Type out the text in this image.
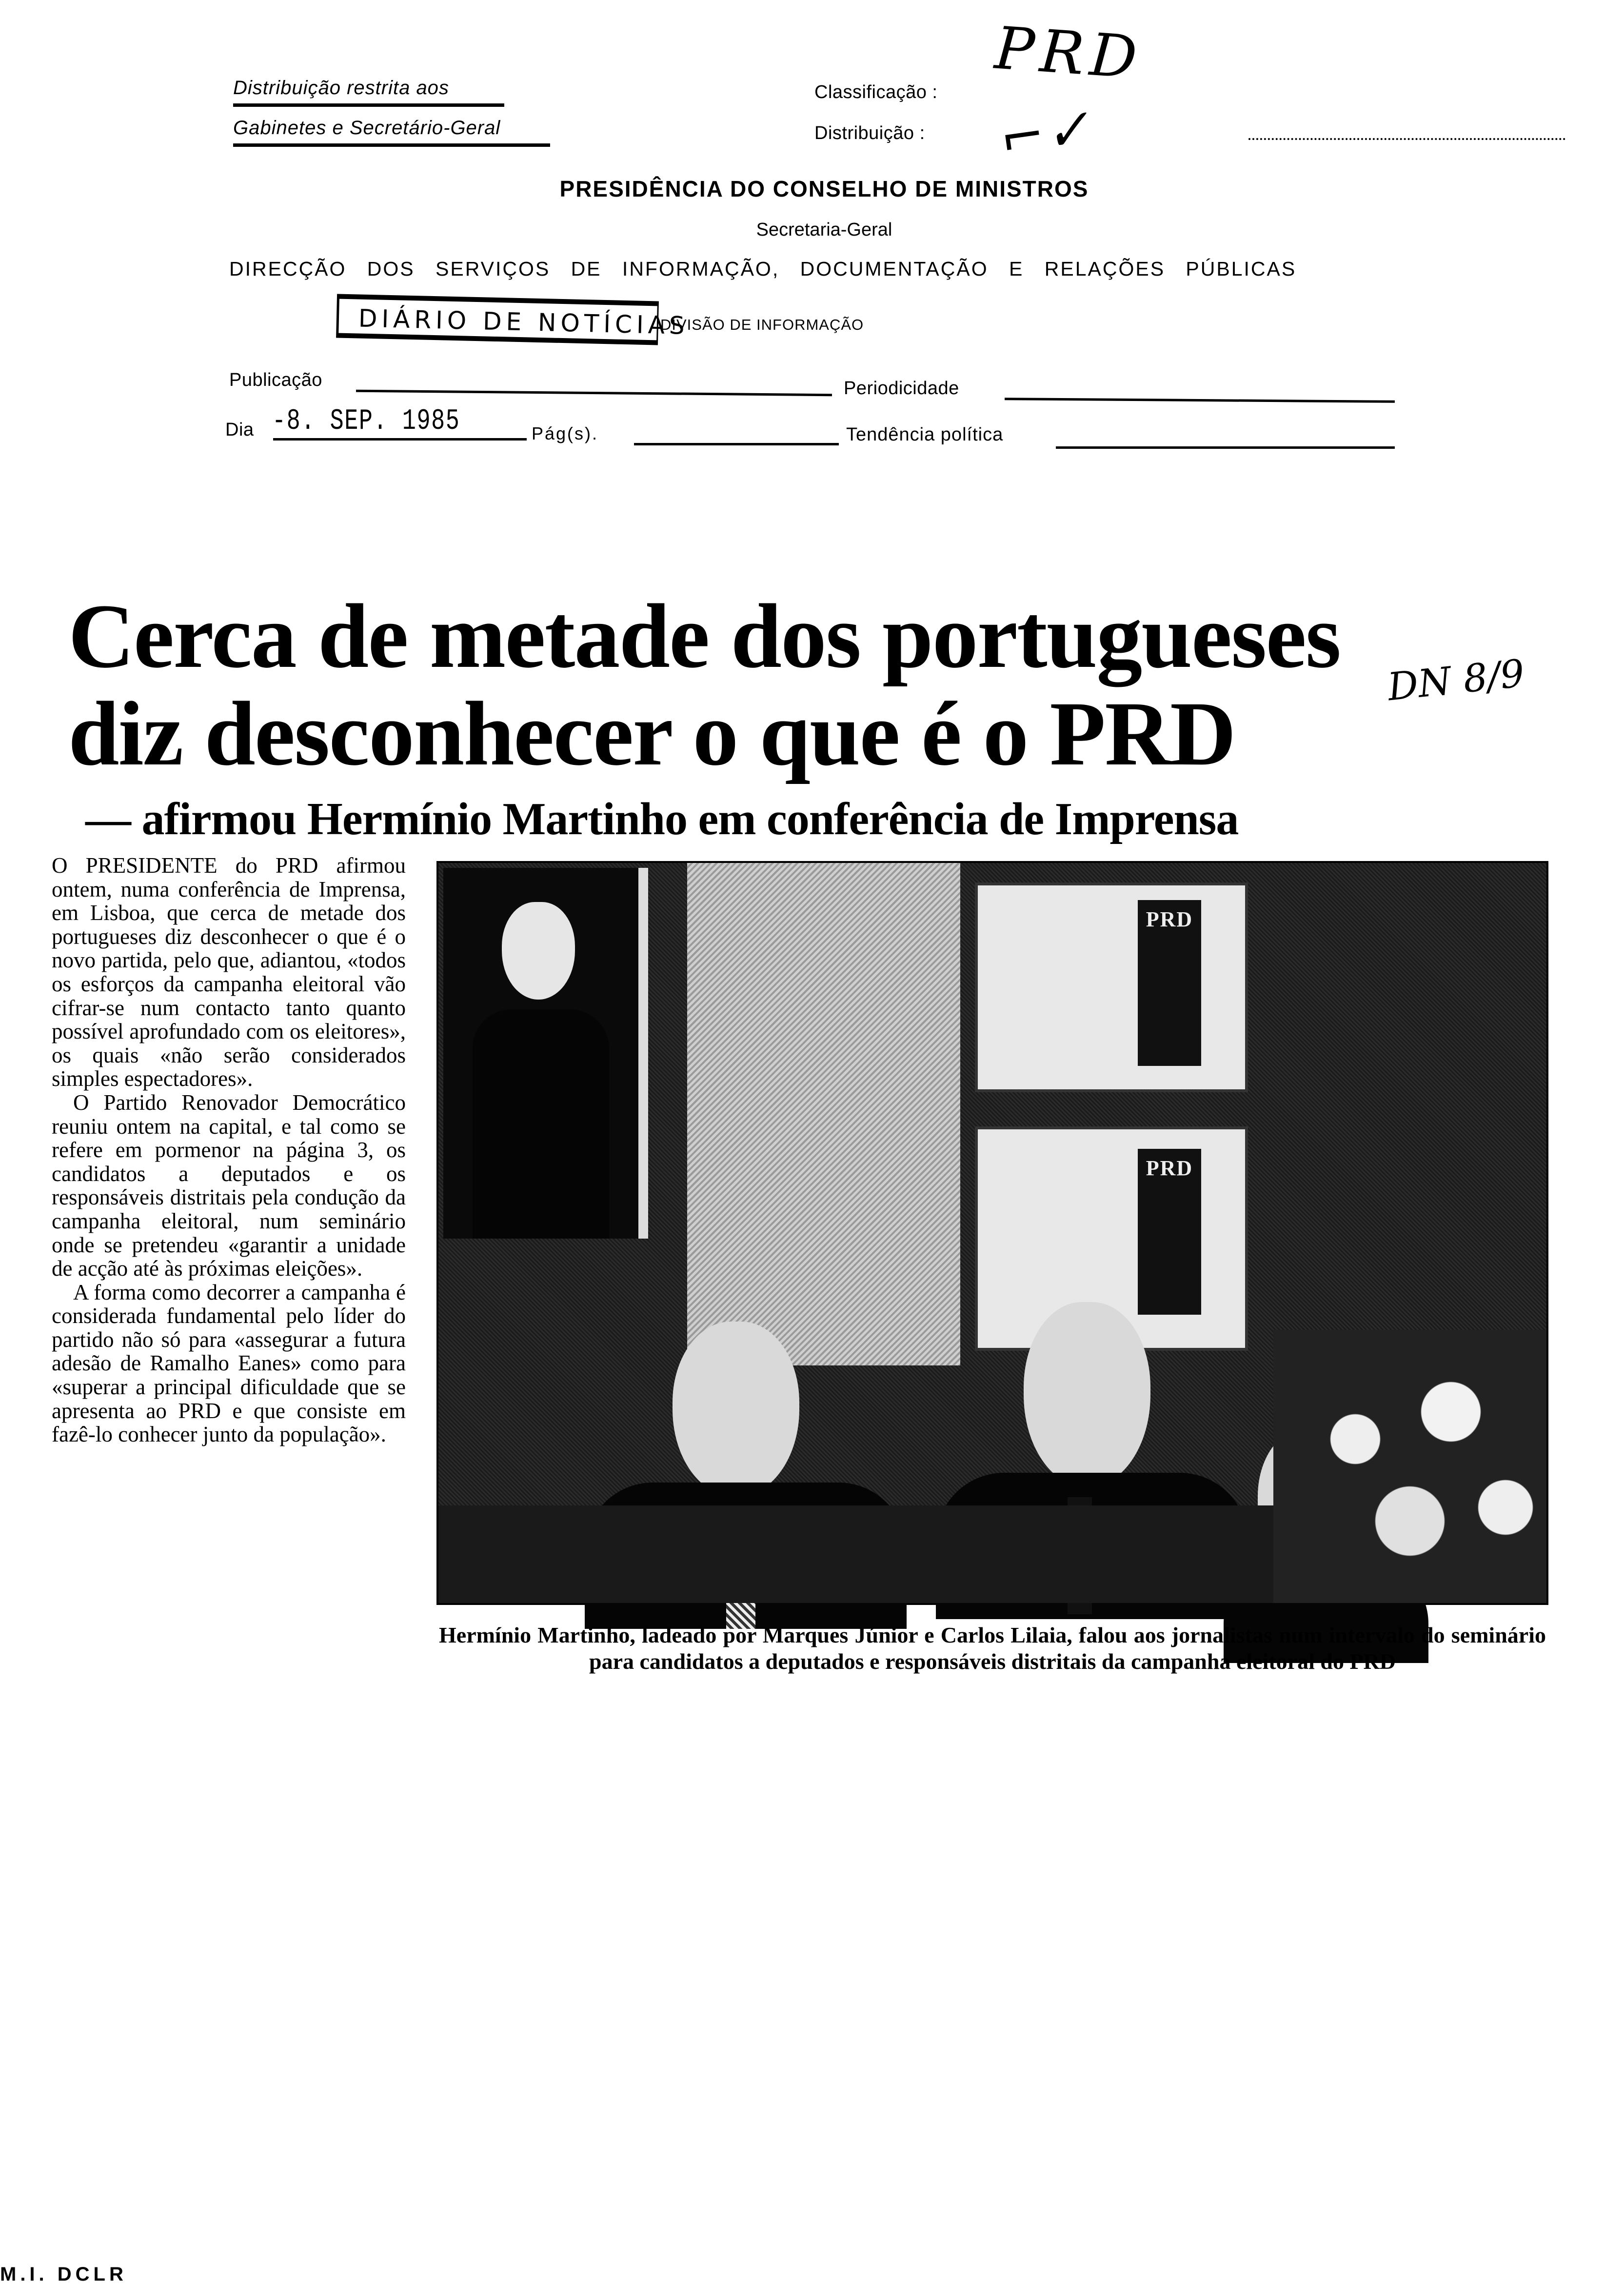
Distribuição restrita aos
Gabinetes e Secretário-Geral
Classificação :
Distribuição :
PRD
⌐✓
PRESIDÊNCIA DO CONSELHO DE MINISTROS
Secretaria-Geral
DIRECÇÃO DOS SERVIÇOS DE INFORMAÇÃO, DOCUMENTAÇÃO E RELAÇÕES PÚBLICAS
DIÁRIO DE NOTÍCIAS
DIVISÃO DE INFORMAÇÃO
Publicação	Periodicidade
Dia -8. SEP. 1985	Pág(s).	Tendência política
Cerca de metade dos portugueses
diz desconhecer o que é o PRD
DN 8/9
— afirmou Hermínio Martinho em conferência de Imprensa

O PRESIDENTE do PRD afirmou ontem, numa conferência de Imprensa, em Lisboa, que cerca de metade dos portugueses diz desconhecer o que é o novo partida, pelo que, adiantou, «todos os esforços da campanha eleitoral vão cifrar-se num contacto tanto quanto possível aprofundado com os eleitores», os quais «não serão considerados simples espectadores».

O Partido Renovador Democrático reuniu ontem na capital, e tal como se refere em pormenor na página 3, os candidatos a deputados e os responsáveis distritais pela condução da campanha eleitoral, num seminário onde se pretendeu «garantir a unidade de acção até às próximas eleições».

A forma como decorrer a campanha é considerada fundamental pelo líder do partido não só para «assegurar a futura adesão de Ramalho Eanes» como para «superar a principal dificuldade que se apresenta ao PRD e que consiste em fazê-lo conhecer junto da população».

PRD
PRD
Hermínio Martinho, ladeado por Marques Júnior e Carlos Lilaia, falou aos jornalistas num intervalo do seminário para candidatos a deputados e responsáveis distritais da campanha eleitoral do PRD
M.I. DCLR
